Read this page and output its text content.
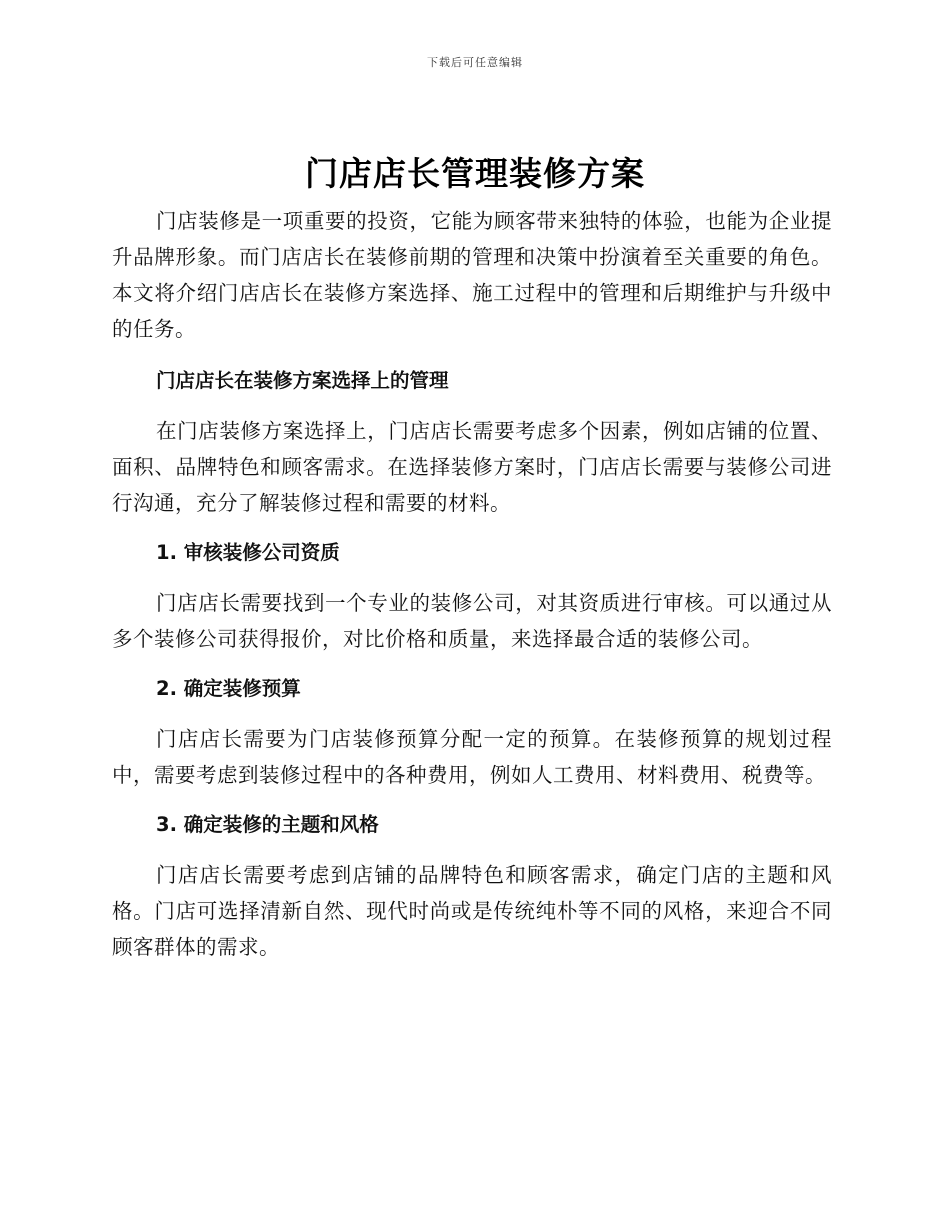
下载后可任意编辑
门店店长管理装修方案

门店装修是一项重要的投资，它能为顾客带来独特的体验，也能为企业提升品牌形象。而门店店长在装修前期的管理和决策中扮演着至关重要的角色。本文将介绍门店店长在装修方案选择、施工过程中的管理和后期维护与升级中的任务。

门店店长在装修方案选择上的管理

在门店装修方案选择上，门店店长需要考虑多个因素，例如店铺的位置、面积、品牌特色和顾客需求。在选择装修方案时，门店店长需要与装修公司进行沟通，充分了解装修过程和需要的材料。

1. 审核装修公司资质

门店店长需要找到一个专业的装修公司，对其资质进行审核。可以通过从多个装修公司获得报价，对比价格和质量，来选择最合适的装修公司。

2. 确定装修预算

门店店长需要为门店装修预算分配一定的预算。在装修预算的规划过程中，需要考虑到装修过程中的各种费用，例如人工费用、材料费用、税费等。

3. 确定装修的主题和风格

门店店长需要考虑到店铺的品牌特色和顾客需求，确定门店的主题和风格。门店可选择清新自然、现代时尚或是传统纯朴等不同的风格，来迎合不同顾客群体的需求。
